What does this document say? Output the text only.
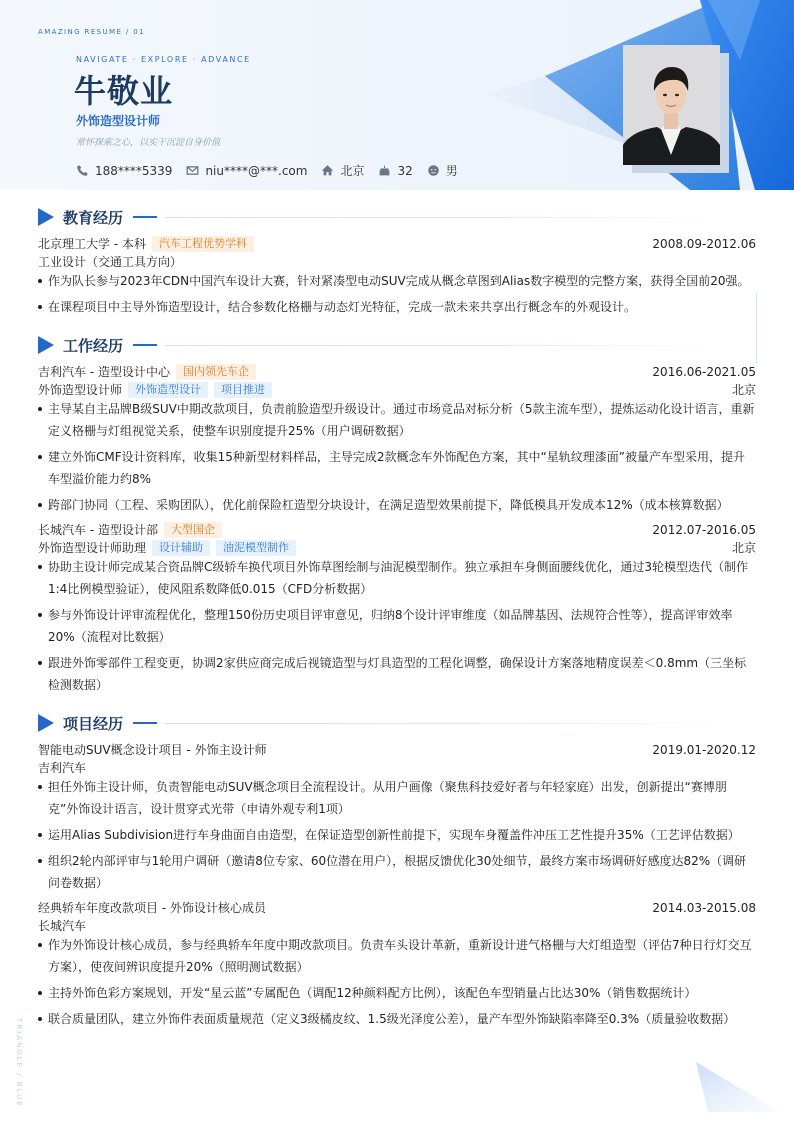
AMAZING RESUME / 01
NAVIGATE · EXPLORE · ADVANCE
牛敬业
外饰造型设计师
常怀探索之心，以实干沉淀自身价值
188****5339	niu****@***.com	北京	32	男
教育经历
北京理工大学 - 本科	汽车工程优势学科	2008.09-2012.06
工业设计（交通工具方向）
作为队长参与2023年CDN中国汽车设计大赛，针对紧凑型电动SUV完成从概念草图到Alias数字模型的完整方案，获得全国前20强。
在课程项目中主导外饰造型设计，结合参数化格栅与动态灯光特征，完成一款未来共享出行概念车的外观设计。
工作经历
吉利汽车 - 造型设计中心	国内领先车企	2016.06-2021.05
外饰造型设计师	外饰造型设计	项目推进	北京
主导某自主品牌B级SUV中期改款项目，负责前脸造型升级设计。通过市场竞品对标分析（5款主流车型），提炼运动化设计语言，重新定义格栅与灯组视觉关系，使整车识别度提升25%（用户调研数据）
建立外饰CMF设计资料库，收集15种新型材料样品，主导完成2款概念车外饰配色方案，其中“星轨纹理漆面”被量产车型采用，提升车型溢价能力约8%
跨部门协同（工程、采购团队），优化前保险杠造型分块设计，在满足造型效果前提下，降低模具开发成本12%（成本核算数据）
长城汽车 - 造型设计部	大型国企	2012.07-2016.05
外饰造型设计师助理	设计辅助	油泥模型制作	北京
协助主设计师完成某合资品牌C级轿车换代项目外饰草图绘制与油泥模型制作。独立承担车身侧面腰线优化，通过3轮模型迭代（制作1:4比例模型验证），使风阻系数降低0.015（CFD分析数据）
参与外饰设计评审流程优化，整理150份历史项目评审意见，归纳8个设计评审维度（如品牌基因、法规符合性等），提高评审效率20%（流程对比数据）
跟进外饰零部件工程变更，协调2家供应商完成后视镜造型与灯具造型的工程化调整，确保设计方案落地精度误差＜0.8mm（三坐标检测数据）
项目经历
智能电动SUV概念设计项目 - 外饰主设计师	2019.01-2020.12
吉利汽车
担任外饰主设计师，负责智能电动SUV概念项目全流程设计。从用户画像（聚焦科技爱好者与年轻家庭）出发，创新提出“赛博朋克”外饰设计语言，设计贯穿式光带（申请外观专利1项）
运用Alias Subdivision进行车身曲面自由造型，在保证造型创新性前提下，实现车身覆盖件冲压工艺性提升35%（工艺评估数据）
组织2轮内部评审与1轮用户调研（邀请8位专家、60位潜在用户），根据反馈优化30处细节，最终方案市场调研好感度达82%（调研问卷数据）
经典轿车年度改款项目 - 外饰设计核心成员	2014.03-2015.08
长城汽车
作为外饰设计核心成员，参与经典轿车年度中期改款项目。负责车头设计革新，重新设计进气格栅与大灯组造型（评估7种日行灯交互方案），使夜间辨识度提升20%（照明测试数据）
主持外饰色彩方案规划，开发“星云蓝”专属配色（调配12种颜料配方比例），该配色车型销量占比达30%（销售数据统计）
联合质量团队，建立外饰件表面质量规范（定义3级橘皮纹、1.5级光泽度公差），量产车型外饰缺陷率降至0.3%（质量验收数据）
TRIANGLE / BLUE
